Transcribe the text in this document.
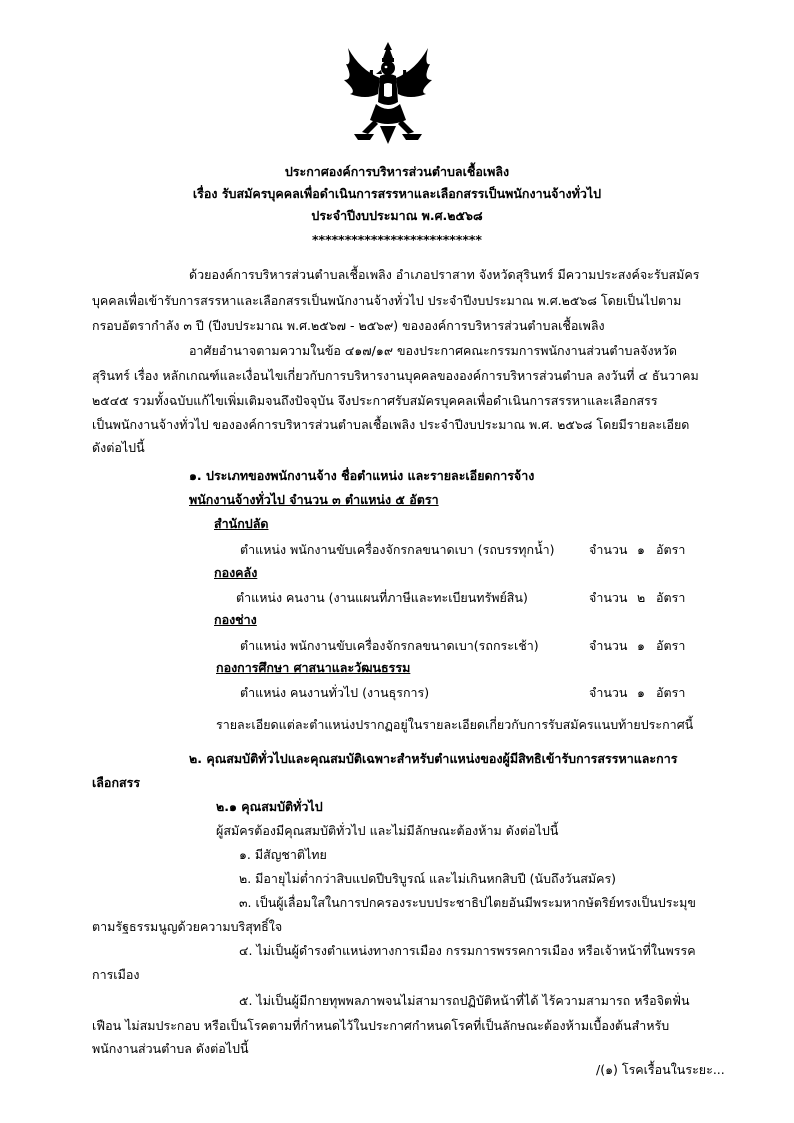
ประกาศองค์การบริหารส่วนตำบลเชื้อเพลิง
เรื่อง รับสมัครบุคคลเพื่อดำเนินการสรรหาและเลือกสรรเป็นพนักงานจ้างทั่วไป
ประจำปีงบประมาณ พ.ศ.๒๕๖๘
**************************
ด้วยองค์การบริหารส่วนตำบลเชื้อเพลิง อำเภอปราสาท จังหวัดสุรินทร์ มีความประสงค์จะรับสมัคร
บุคคลเพื่อเข้ารับการสรรหาและเลือกสรรเป็นพนักงานจ้างทั่วไป ประจำปีงบประมาณ พ.ศ.๒๕๖๘ โดยเป็นไปตาม
กรอบอัตรากำลัง ๓ ปี (ปีงบประมาณ พ.ศ.๒๕๖๗ - ๒๕๖๙) ขององค์การบริหารส่วนตำบลเชื้อเพลิง
อาศัยอำนาจตามความในข้อ ๔๑๗/๑๙ ของประกาศคณะกรรมการพนักงานส่วนตำบลจังหวัด
สุรินทร์ เรื่อง หลักเกณฑ์และเงื่อนไขเกี่ยวกับการบริหารงานบุคคลขององค์การบริหารส่วนตำบล ลงวันที่ ๔ ธันวาคม
๒๕๔๕ รวมทั้งฉบับแก้ไขเพิ่มเติมจนถึงปัจจุบัน จึงประกาศรับสมัครบุคคลเพื่อดำเนินการสรรหาและเลือกสรร
เป็นพนักงานจ้างทั่วไป ขององค์การบริหารส่วนตำบลเชื้อเพลิง ประจำปีงบประมาณ พ.ศ. ๒๕๖๘ โดยมีรายละเอียด
ดังต่อไปนี้
๑. ประเภทของพนักงานจ้าง ชื่อตำแหน่ง และรายละเอียดการจ้าง
พนักงานจ้างทั่วไป จำนวน ๓ ตำแหน่ง ๕ อัตรา
สำนักปลัด
ตำแหน่ง พนักงานขับเครื่องจักรกลขนาดเบา (รถบรรทุกน้ำ)	จำนวน ๑ อัตรา
กองคลัง
ตำแหน่ง คนงาน (งานแผนที่ภาษีและทะเบียนทรัพย์สิน)	จำนวน ๒ อัตรา
กองช่าง
ตำแหน่ง พนักงานขับเครื่องจักรกลขนาดเบา(รถกระเช้า)	จำนวน ๑ อัตรา
กองการศึกษา ศาสนาและวัฒนธรรม
ตำแหน่ง คนงานทั่วไป (งานธุรการ)	จำนวน ๑ อัตรา
รายละเอียดแต่ละตำแหน่งปรากฏอยู่ในรายละเอียดเกี่ยวกับการรับสมัครแนบท้ายประกาศนี้
๒. คุณสมบัติทั่วไปและคุณสมบัติเฉพาะสำหรับตำแหน่งของผู้มีสิทธิเข้ารับการสรรหาและการ
เลือกสรร
๒.๑ คุณสมบัติทั่วไป
ผู้สมัครต้องมีคุณสมบัติทั่วไป และไม่มีลักษณะต้องห้าม ดังต่อไปนี้
๑. มีสัญชาติไทย
๒. มีอายุไม่ต่ำกว่าสิบแปดปีบริบูรณ์ และไม่เกินหกสิบปี (นับถึงวันสมัคร)
๓. เป็นผู้เลื่อมใสในการปกครองระบบประชาธิปไตยอันมีพระมหากษัตริย์ทรงเป็นประมุข
ตามรัฐธรรมนูญด้วยความบริสุทธิ์ใจ
๔. ไม่เป็นผู้ดำรงตำแหน่งทางการเมือง กรรมการพรรคการเมือง หรือเจ้าหน้าที่ในพรรค
การเมือง
๕. ไม่เป็นผู้มีกายทุพพลภาพจนไม่สามารถปฏิบัติหน้าที่ได้ ไร้ความสามารถ หรือจิตฟั่น
เฟือน ไม่สมประกอบ หรือเป็นโรคตามที่กำหนดไว้ในประกาศกำหนดโรคที่เป็นลักษณะต้องห้ามเบื้องต้นสำหรับ
พนักงานส่วนตำบล ดังต่อไปนี้
/(๑) โรคเรื้อนในระยะ...
